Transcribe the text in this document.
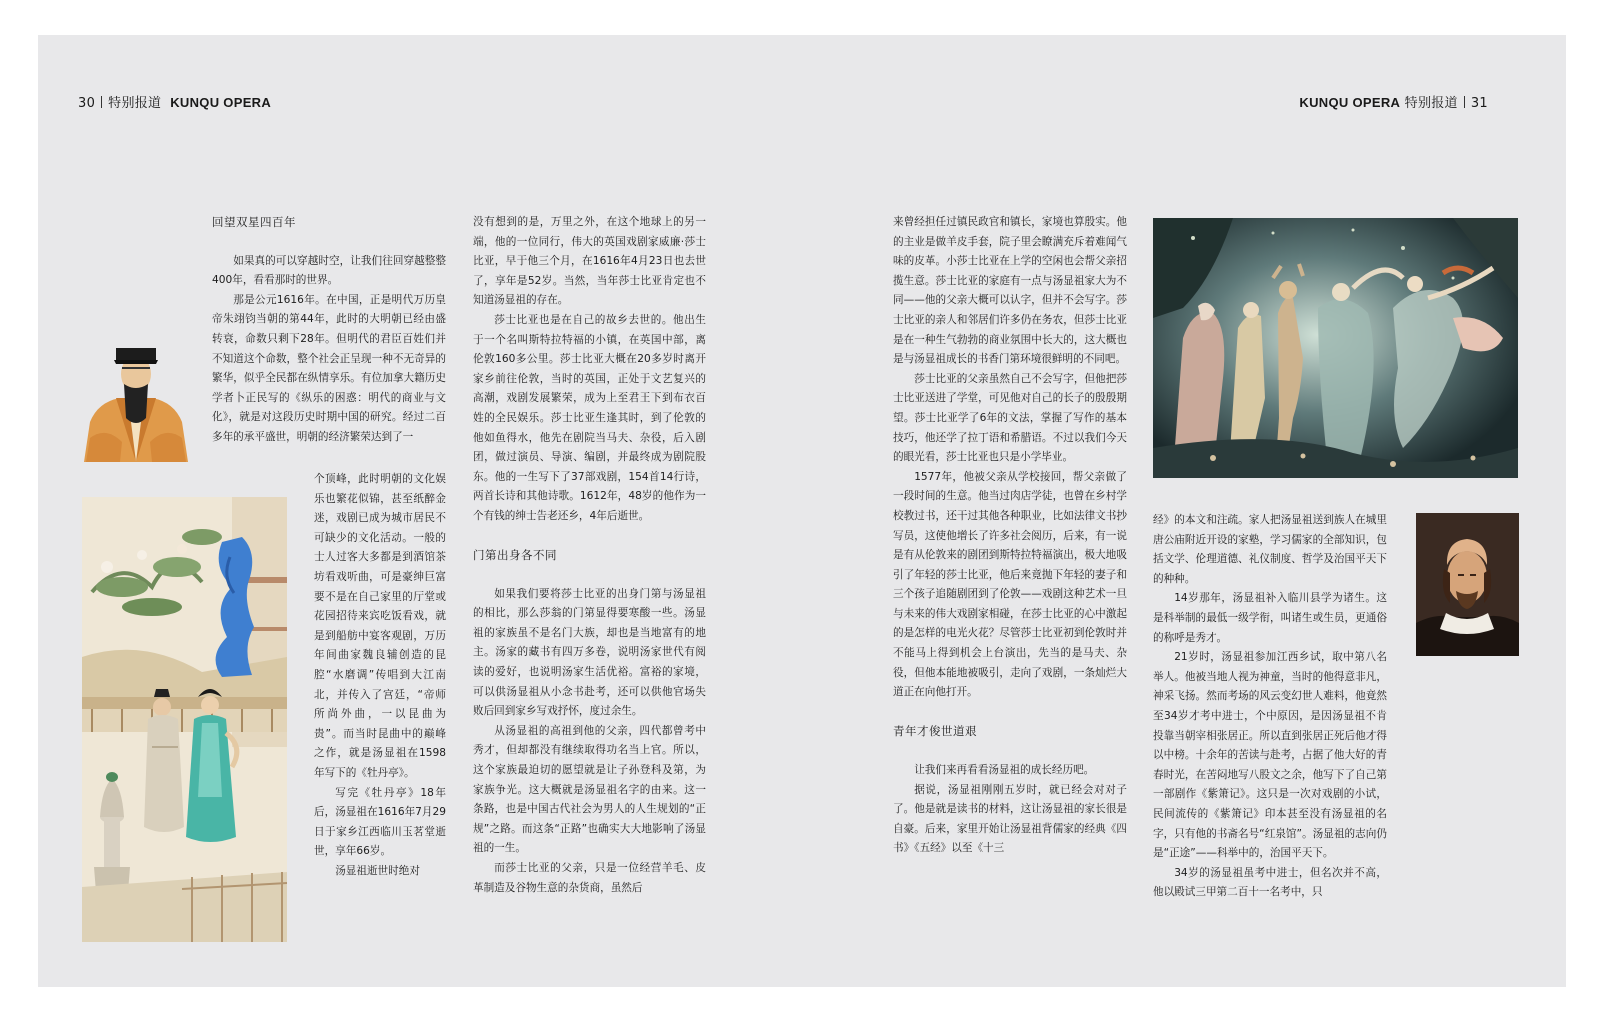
30 特别报道 KUNQU OPERA	KUNQU OPERA 特别报道 31
回望双星四百年

如果真的可以穿越时空，让我们往回穿越整整400年，看看那时的世界。

那是公元1616年。在中国，正是明代万历皇帝朱翊钧当朝的第44年，此时的大明朝已经由盛转衰，命数只剩下28年。但明代的君臣百姓们并不知道这个命数，整个社会正呈现一种不无奇异的繁华，似乎全民都在纵情享乐。有位加拿大籍历史学者卜正民写的《纵乐的困惑：明代的商业与文化》，就是对这段历史时期中国的研究。经过二百多年的承平盛世，明朝的经济繁荣达到了一

个顶峰，此时明朝的文化娱乐也繁花似锦，甚至纸醉金迷，戏剧已成为城市居民不可缺少的文化活动。一般的士人过客大多都是到酒馆茶坊看戏听曲，可是豪绅巨富要不是在自己家里的厅堂或花园招待来宾吃饭看戏，就是到船舫中宴客观剧，万历年间曲家魏良辅创造的昆腔“水磨调”传唱到大江南北，并传入了宫廷，“帝师所尚外曲，一以昆曲为贵”。而当时昆曲中的巅峰之作，就是汤显祖在1598年写下的《牡丹亭》。

写完《牡丹亭》18年后，汤显祖在1616年7月29日于家乡江西临川玉茗堂逝世，享年66岁。

汤显祖逝世时绝对

没有想到的是，万里之外，在这个地球上的另一端，他的一位同行，伟大的英国戏剧家威廉·莎士比亚，早于他三个月，在1616年4月23日也去世了，享年是52岁。当然，当年莎士比亚肯定也不知道汤显祖的存在。

莎士比亚也是在自己的故乡去世的。他出生于一个名叫斯特拉特福的小镇，在英国中部，离伦敦160多公里。莎士比亚大概在20多岁时离开家乡前往伦敦，当时的英国，正处于文艺复兴的高潮，戏剧发展繁荣，成为上至君王下到布衣百姓的全民娱乐。莎士比亚生逢其时，到了伦敦的他如鱼得水，他先在剧院当马夫、杂役，后入剧团，做过演员、导演、编剧，并最终成为剧院股东。他的一生写下了37部戏剧，154首14行诗，两首长诗和其他诗歌。1612年，48岁的他作为一个有钱的绅士告老还乡，4年后逝世。

门第出身各不同

如果我们要将莎士比亚的出身门第与汤显祖的相比，那么莎翁的门第显得要寒酸一些。汤显祖的家族虽不是名门大族，却也是当地富有的地主。汤家的藏书有四万多卷，说明汤家世代有阅读的爱好，也说明汤家生活优裕。富裕的家境，可以供汤显祖从小念书赴考，还可以供他官场失败后回到家乡写戏抒怀，度过余生。

从汤显祖的高祖到他的父亲，四代都曾考中秀才，但却都没有继续取得功名当上官。所以，这个家族最迫切的愿望就是让子孙登科及第，为家族争光。这大概就是汤显祖名字的由来。这一条路，也是中国古代社会为男人的人生规划的“正规”之路。而这条“正路”也确实大大地影响了汤显祖的一生。

而莎士比亚的父亲，只是一位经营羊毛、皮革制造及谷物生意的杂货商，虽然后

来曾经担任过镇民政官和镇长，家境也算殷实。他的主业是做羊皮手套，院子里会瞭满充斥着难闻气味的皮革。小莎士比亚在上学的空闲也会帮父亲招揽生意。莎士比亚的家庭有一点与汤显祖家大为不同——他的父亲大概可以认字，但并不会写字。莎士比亚的亲人和邻居们许多仍在务农，但莎士比亚是在一种生气勃勃的商业氛围中长大的，这大概也是与汤显祖成长的书香门第环境很鲜明的不同吧。

莎士比亚的父亲虽然自己不会写字，但他把莎士比亚送进了学堂，可见他对自己的长子的殷殷期望。莎士比亚学了6年的文法，掌握了写作的基本技巧，他还学了拉丁语和希腊语。不过以我们今天的眼光看，莎士比亚也只是小学毕业。

1577年，他被父亲从学校接回，帮父亲做了一段时间的生意。他当过肉店学徒，也曾在乡村学校教过书，还干过其他各种职业，比如法律文书抄写员，这使他增长了许多社会阅历，后来，有一说是有从伦敦来的剧团到斯特拉特福演出，极大地吸引了年轻的莎士比亚，他后来竟抛下年轻的妻子和三个孩子追随剧团到了伦敦——戏剧这种艺术一旦与未来的伟大戏剧家相碰，在莎士比亚的心中激起的是怎样的电光火花？尽管莎士比亚初到伦敦时并不能马上得到机会上台演出，先当的是马夫、杂役，但他本能地被吸引，走向了戏剧，一条灿烂大道正在向他打开。

青年才俊世道艰

让我们来再看看汤显祖的成长经历吧。

据说，汤显祖刚刚五岁时，就已经会对对子了。他是就是读书的材料，这让汤显祖的家长很是自豪。后来，家里开始让汤显祖背儒家的经典《四书》《五经》以至《十三

经》的本文和注疏。家人把汤显祖送到族人在城里唐公庙附近开设的家塾，学习儒家的全部知识，包括文学、伦理道德、礼仪制度、哲学及治国平天下的种种。

14岁那年，汤显祖补入临川县学为诸生。这是科举制的最低一级学衔，叫诸生或生员，更通俗的称呼是秀才。

21岁时，汤显祖参加江西乡试，取中第八名举人。他被当地人视为神童，当时的他得意非凡，神采飞扬。然而考场的风云变幻世人难料，他竟然至34岁才考中进士，个中原因，是因汤显祖不肯投靠当朝宰相张居正。所以直到张居正死后他才得以中榜。十余年的苦读与赴考，占据了他大好的青春时光，在苦闷地写八股文之余，他写下了自己第一部剧作《紫箫记》。这只是一次对戏剧的小试，民间流传的《紫箫记》印本甚至没有汤显祖的名字，只有他的书斋名号“红泉馆”。汤显祖的志向仍是“正途”——科举中的，治国平天下。

34岁的汤显祖虽考中进士，但名次并不高，他以殿试三甲第二百十一名考中，只
